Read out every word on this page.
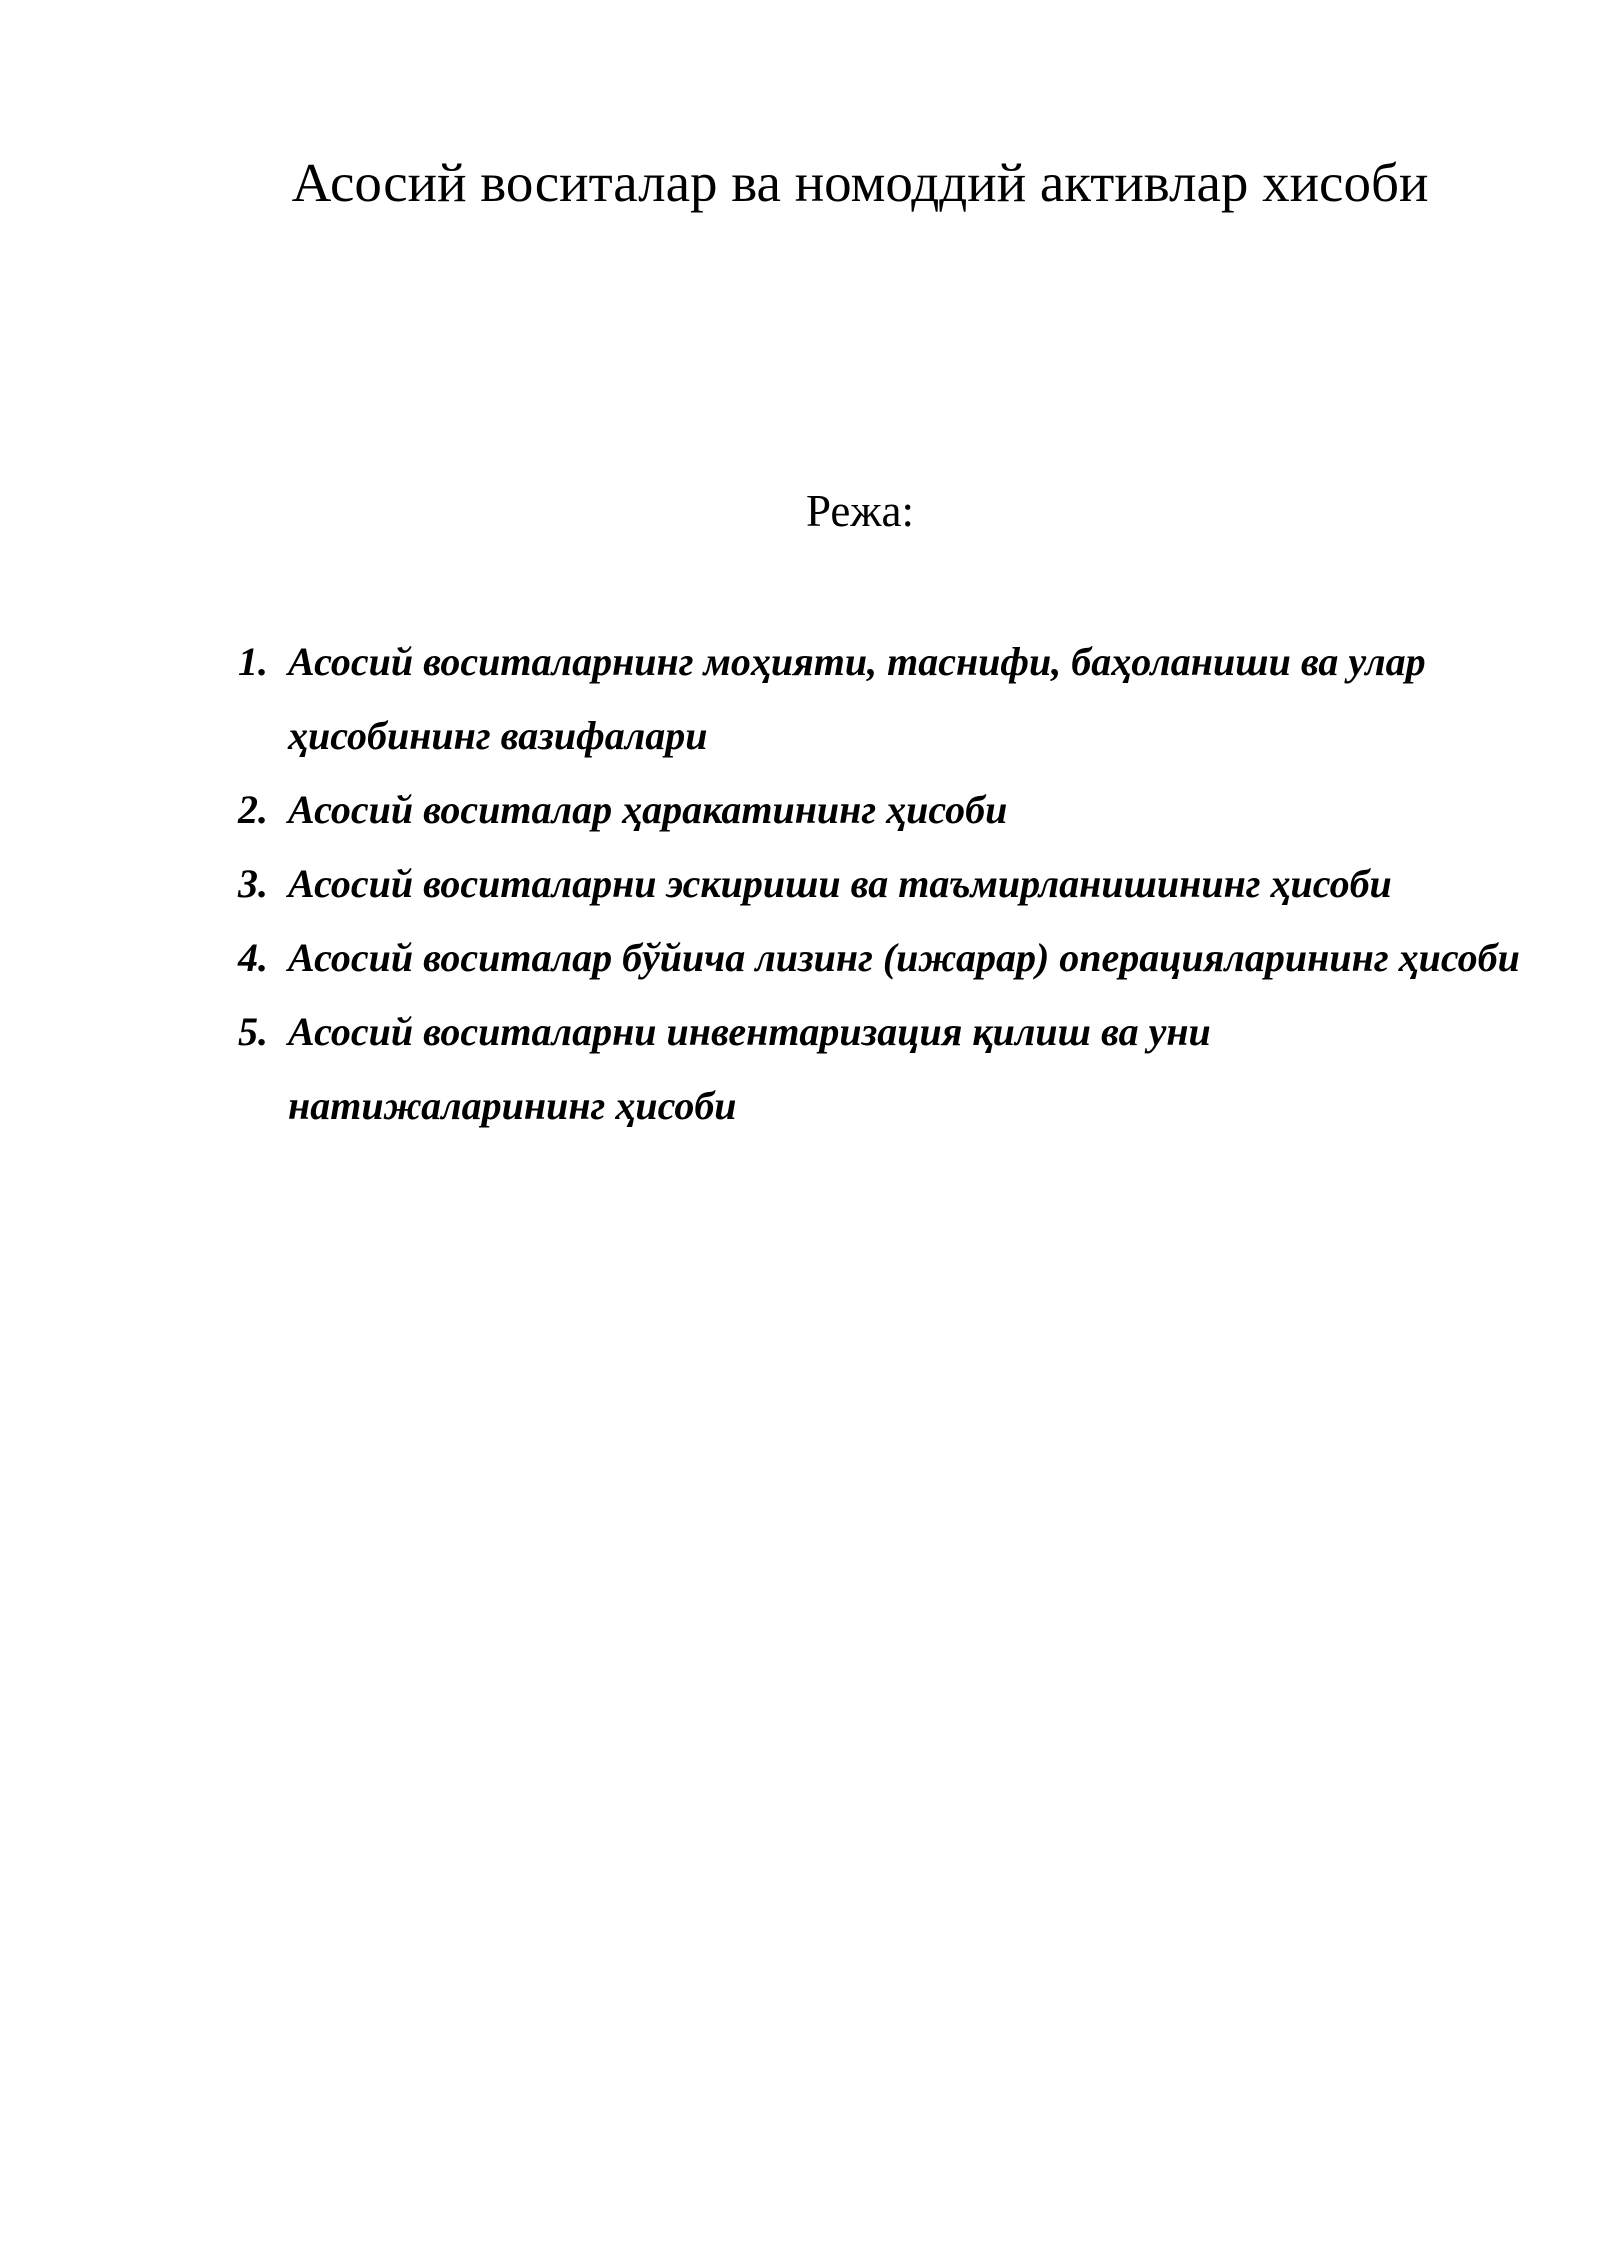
Асосий воситалар ва номоддий активлар хисоби
Режа:
1. Асосий воситаларнинг моҳияти, таснифи, баҳоланиши ва улар ҳисобининг вазифалари
2. Асосий воситалар ҳаракатининг ҳисоби
3. Асосий воситаларни эскириши ва таъмирланишининг ҳисоби
4. Асосий воситалар бўйича лизинг (ижарар) операцияларининг ҳисоби
5. Асосий воситаларни инвентаризация қилиш ва уни натижаларининг ҳисоби
